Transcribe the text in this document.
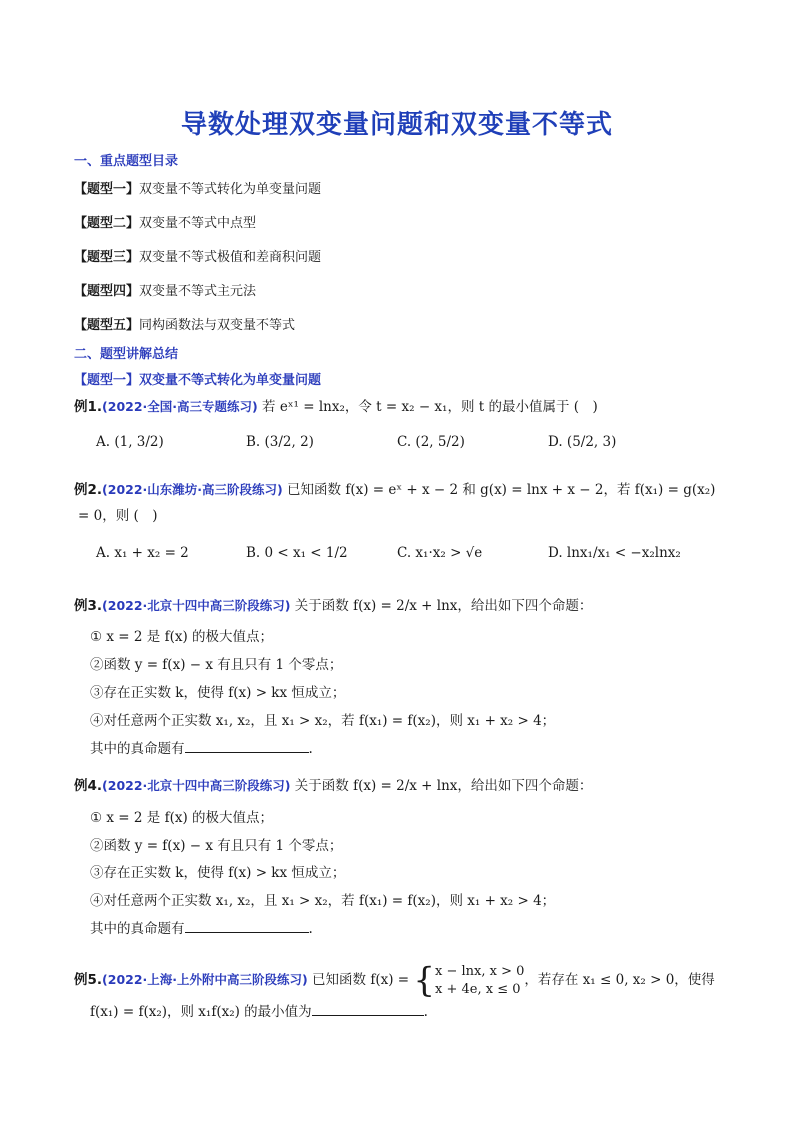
导数处理双变量问题和双变量不等式
一、重点题型目录
【题型一】双变量不等式转化为单变量问题
【题型二】双变量不等式中点型
【题型三】双变量不等式极值和差商积问题
【题型四】双变量不等式主元法
【题型五】同构函数法与双变量不等式
二、题型讲解总结
【题型一】双变量不等式转化为单变量问题
例1.(2022·全国·高三专题练习) 若 eˣ¹ = lnx₂，令 t = x₂ − x₁，则 t 的最小值属于 (　)
A. (1, 3/2)	B. (3/2, 2)	C. (2, 5/2)	D. (5/2, 3)
例2.(2022·山东潍坊·高三阶段练习) 已知函数 f(x) = eˣ + x − 2 和 g(x) = lnx + x − 2，若 f(x₁) = g(x₂)
= 0，则 (　)
A. x₁ + x₂ = 2	B. 0 < x₁ < 1/2	C. x₁·x₂ > √e	D. lnx₁/x₁ < −x₂lnx₂
例3.(2022·北京十四中高三阶段练习) 关于函数 f(x) = 2/x + lnx，给出如下四个命题：
① x = 2 是 f(x) 的极大值点；
②函数 y = f(x) − x 有且只有 1 个零点；
③存在正实数 k，使得 f(x) > kx 恒成立；
④对任意两个正实数 x₁, x₂，且 x₁ > x₂，若 f(x₁) = f(x₂)，则 x₁ + x₂ > 4；
其中的真命题有	.
例4.(2022·北京十四中高三阶段练习) 关于函数 f(x) = 2/x + lnx，给出如下四个命题：
① x = 2 是 f(x) 的极大值点；
②函数 y = f(x) − x 有且只有 1 个零点；
③存在正实数 k，使得 f(x) > kx 恒成立；
④对任意两个正实数 x₁, x₂，且 x₁ > x₂，若 f(x₁) = f(x₂)，则 x₁ + x₂ > 4；
其中的真命题有	.
例5.(2022·上海·上外附中高三阶段练习) 已知函数 f(x) = { x − lnx, x > 0
x + 4e, x ≤ 0
，若存在 x₁ ≤ 0, x₂ > 0，使得
f(x₁) = f(x₂)，则 x₁f(x₂) 的最小值为	.
